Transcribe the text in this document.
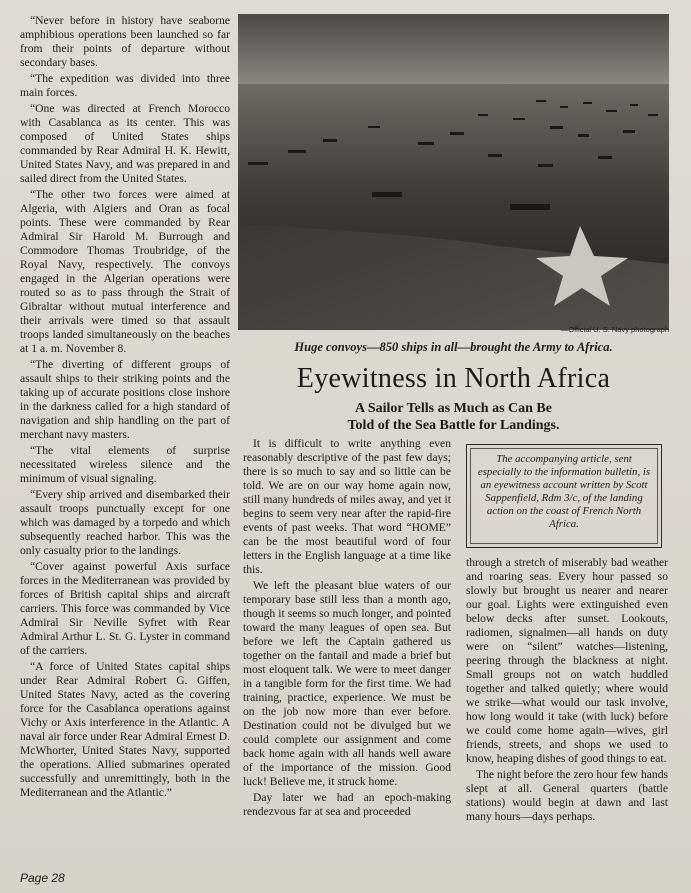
“Never before in history have seaborne amphibious operations been launched so far from their points of departure without secondary bases.

“The expedition was divided into three main forces.

“One was directed at French Morocco with Casablanca as its center. This was composed of United States ships commanded by Rear Admiral H. K. Hewitt, United States Navy, and was prepared in and sailed direct from the United States.

“The other two forces were aimed at Algeria, with Algiers and Oran as focal points. These were commanded by Rear Admiral Sir Harold M. Burrough and Commodore Thomas Troubridge, of the Royal Navy, respectively. The convoys engaged in the Algerian operations were routed so as to pass through the Strait of Gibraltar without mutual interference and their arrivals were timed so that assault troops landed simultaneously on the beaches at 1 a. m. November 8.

“The diverting of different groups of assault ships to their striking points and the taking up of accurate positions close inshore in the darkness called for a high standard of navigation and ship handling on the part of merchant navy masters.

“The vital elements of surprise necessitated wireless silence and the minimum of visual signaling.

“Every ship arrived and disembarked their assault troops punctually except for one which was damaged by a torpedo and which subsequently reached harbor. This was the only casualty prior to the landings.

“Cover against powerful Axis surface forces in the Mediterranean was provided by forces of British capital ships and aircraft carriers. This force was commanded by Vice Admiral Sir Neville Syfret with Rear Admiral Arthur L. St. G. Lyster in command of the carriers.

“A force of United States capital ships under Rear Admiral Robert G. Giffen, United States Navy, acted as the covering force for the Casablanca operations against Vichy or Axis interference in the Atlantic. A naval air force under Rear Admiral Ernest D. McWhorter, United States Navy, supported the operations. Allied submarines operated successfully and unremittingly, both in the Mediterranean and the Atlantic.”

—Official U. S. Navy photograph
Huge convoys—850 ships in all—brought the Army to Africa.
Eyewitness in North Africa
A Sailor Tells as Much as Can Be
Told of the Sea Battle for Landings.

It is difficult to write anything even reasonably descriptive of the past few days; there is so much to say and so little can be told. We are on our way home again now, still many hundreds of miles away, and yet it begins to seem very near after the rapid-fire events of past weeks. That word “HOME” can be the most beautiful word of four letters in the English language at a time like this.

We left the pleasant blue waters of our temporary base still less than a month ago, though it seems so much longer, and pointed toward the many leagues of open sea. But before we left the Captain gathered us together on the fantail and made a brief but most eloquent talk. We were to meet danger in a tangible form for the first time. We had training, practice, experience. We must be on the job now more than ever before. Destination could not be divulged but we could complete our assignment and come back home again with all hands well aware of the importance of the mission. Good luck! Believe me, it struck home.

Day later we had an epoch-making rendezvous far at sea and proceeded

The accompanying article, sent especially to the information bulletin, is an eyewitness account written by Scott Sappenfield, Rdm 3/c, of the landing action on the coast of French North Africa.

through a stretch of miserably bad weather and roaring seas. Every hour passed so slowly but brought us nearer and nearer our goal. Lights were extinguished even below decks after sunset. Lookouts, radiomen, signalmen—all hands on duty were on “silent” watches—listening, peering through the blackness at night. Small groups not on watch huddled together and talked quietly; where would we strike—what would our task involve, how long would it take (with luck) before we could come home again—wives, girl friends, streets, and shops we used to know, heaping dishes of good things to eat.

The night before the zero hour few hands slept at all. General quarters (battle stations) would begin at dawn and last many hours—days perhaps.

Page 28
